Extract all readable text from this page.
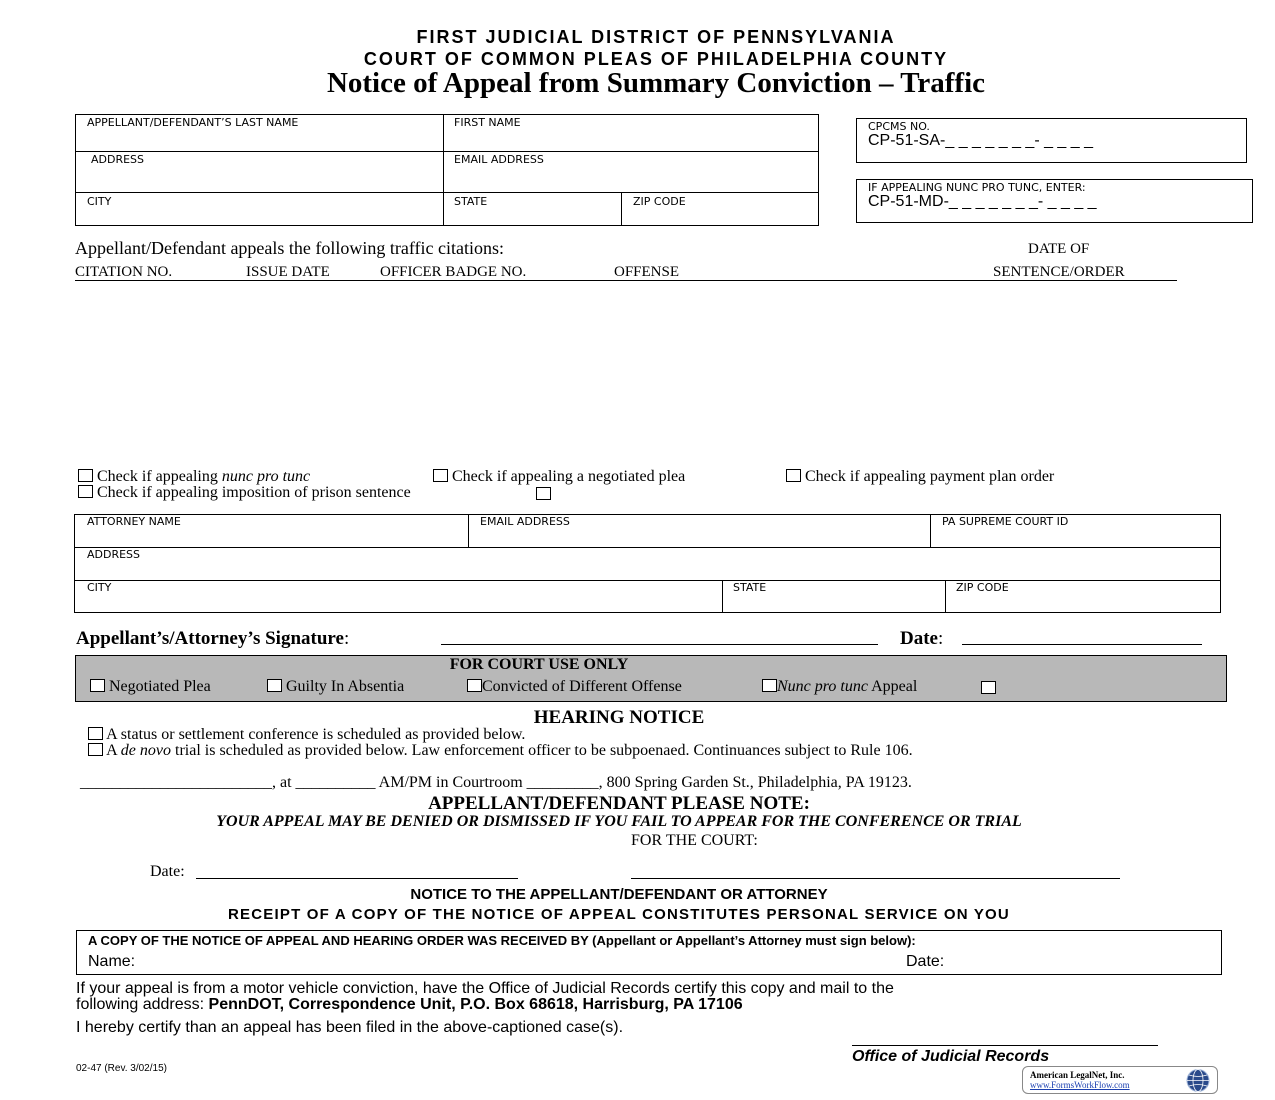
FIRST JUDICIAL DISTRICT OF PENNSYLVANIA
COURT OF COMMON PLEAS OF PHILADELPHIA COUNTY
Notice of Appeal from Summary Conviction – Traffic
APPELLANT/DEFENDANT’S LAST NAME	FIRST NAME
ADDRESS	EMAIL ADDRESS
CITY	STATE	ZIP CODE
CPCMS NO.
CP-51-SA-_ _ _ _ _ _ _- _ _ _ _
IF APPEALING NUNC PRO TUNC, ENTER:
CP-51-MD-_ _ _ _ _ _ _- _ _ _ _
Appellant/Defendant appeals the following traffic citations:	DATE OF
CITATION NO.	ISSUE DATE	OFFICER BADGE NO.	OFFENSE	SENTENCE/ORDER
Check if appealing nunc pro tunc	Check if appealing a negotiated plea	Check if appealing payment plan order
Check if appealing imposition of prison sentence
ATTORNEY NAME	EMAIL ADDRESS	PA SUPREME COURT ID
ADDRESS
CITY	STATE	ZIP CODE
Appellant’s/Attorney’s Signature:	Date:
FOR COURT USE ONLY
Negotiated Plea	Guilty In Absentia	Convicted of Different Offense	Nunc pro tunc Appeal
HEARING NOTICE
A status or settlement conference is scheduled as provided below.
A de novo trial is scheduled as provided below. Law enforcement officer to be subpoenaed. Continuances subject to Rule 106.
________________________, at __________ AM/PM in Courtroom _________, 800 Spring Garden St., Philadelphia, PA 19123.
APPELLANT/DEFENDANT PLEASE NOTE:
YOUR APPEAL MAY BE DENIED OR DISMISSED IF YOU FAIL TO APPEAR FOR THE CONFERENCE OR TRIAL
FOR THE COURT:
Date:
NOTICE TO THE APPELLANT/DEFENDANT OR ATTORNEY
RECEIPT OF A COPY OF THE NOTICE OF APPEAL CONSTITUTES PERSONAL SERVICE ON YOU
A COPY OF THE NOTICE OF APPEAL AND HEARING ORDER WAS RECEIVED BY (Appellant or Appellant’s Attorney must sign below):
Name:	Date:
If your appeal is from a motor vehicle conviction, have the Office of Judicial Records certify this copy and mail to the
following address: PennDOT, Correspondence Unit, P.O. Box 68618, Harrisburg, PA 17106
I hereby certify than an appeal has been filed in the above-captioned case(s).
Office of Judicial Records
02-47 (Rev. 3/02/15)
American LegalNet, Inc.
www.FormsWorkFlow.com
